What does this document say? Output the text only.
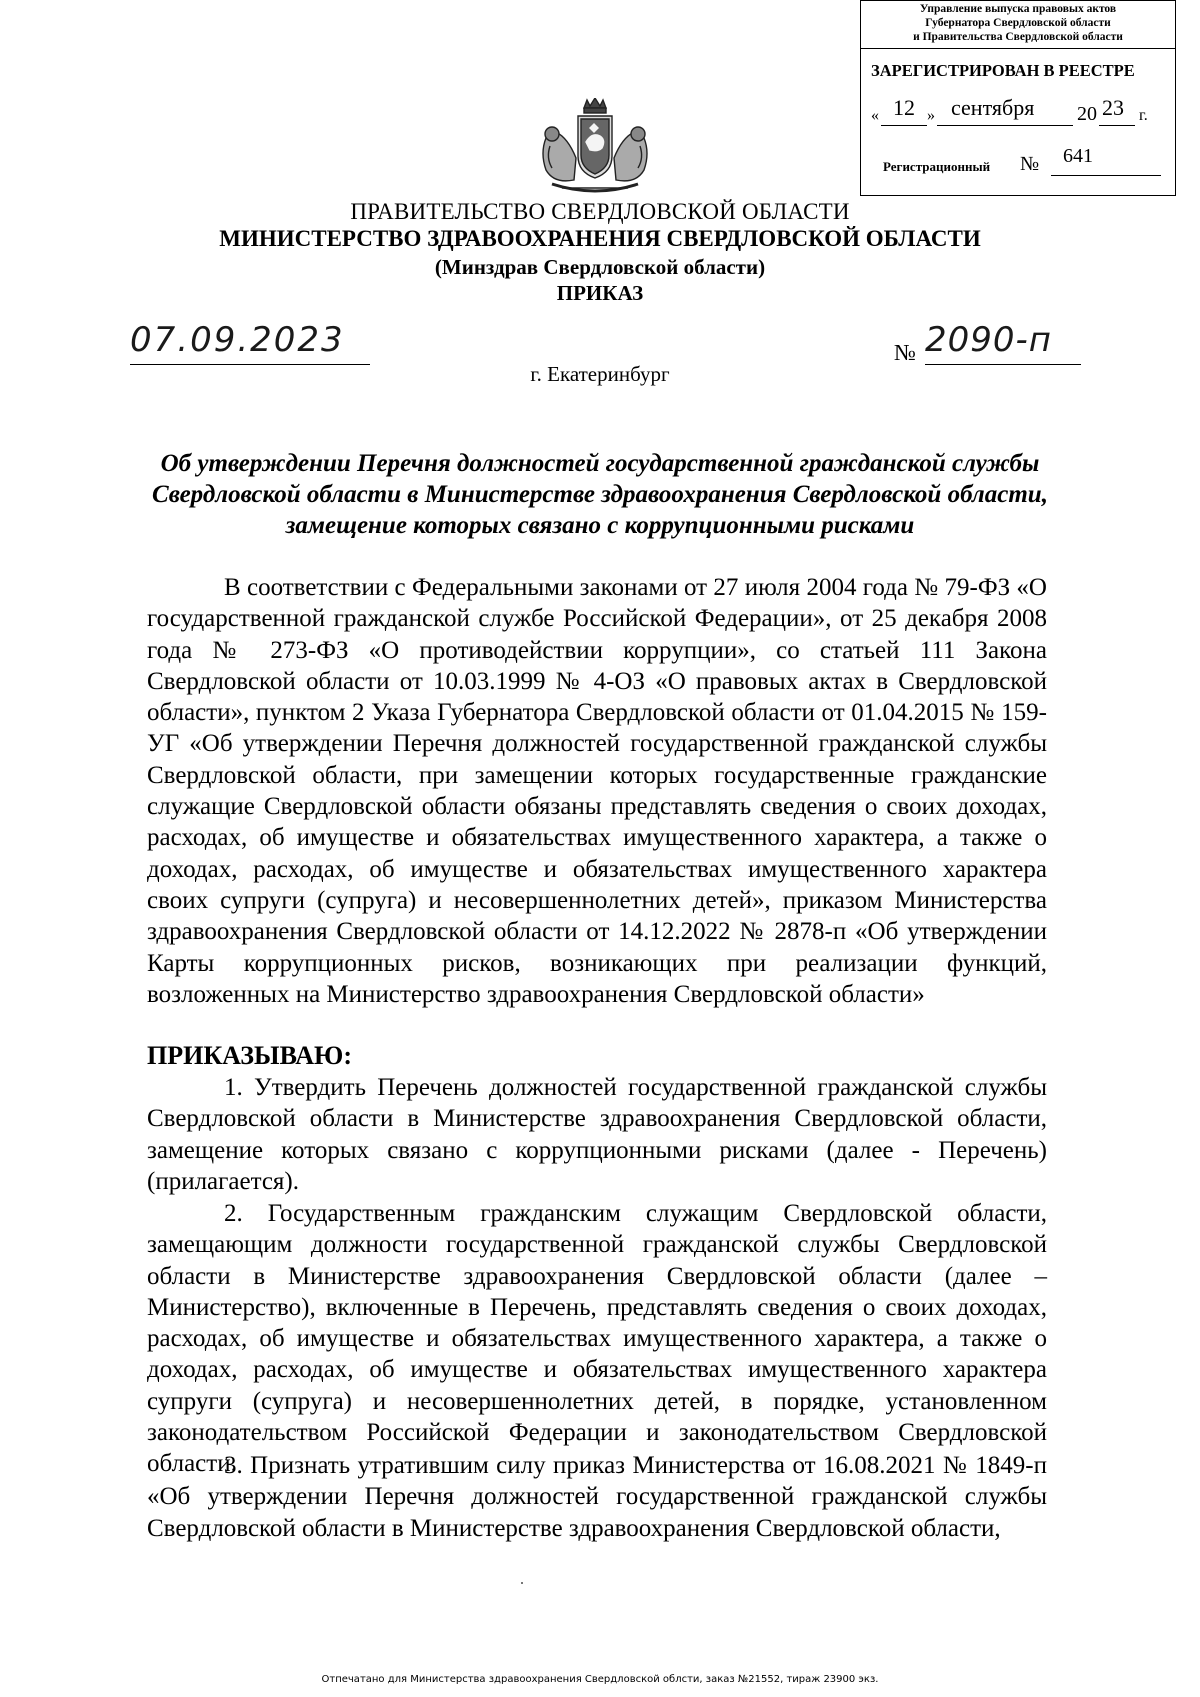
Управление выпуска правовых актов
Губернатора Свердловской области
и Правительства Свердловской области
ЗАРЕГИСТРИРОВАН В РЕЕСТРЕ
« 12 » сентября 20 23 г.
Регистрационный № 641
ПРАВИТЕЛЬСТВО СВЕРДЛОВСКОЙ ОБЛАСТИ
МИНИСТЕРСТВО ЗДРАВООХРАНЕНИЯ СВЕРДЛОВСКОЙ ОБЛАСТИ
(Минздрав Свердловской области)
ПРИКАЗ
07.09.2023	№ 2090-п
г. Екатеринбург
Об утверждении Перечня должностей государственной гражданской службы Свердловской области в Министерстве здравоохранения Свердловской области, замещение которых связано с коррупционными рисками

В соответствии с Федеральными законами от 27 июля 2004 года № 79-ФЗ «О государственной гражданской службе Российской Федерации», от 25 декабря 2008 года № 273-ФЗ «О противодействии коррупции», со статьей 111 Закона Свердловской области от 10.03.1999 № 4-ОЗ «О правовых актах в Свердловской области», пунктом 2 Указа Губернатора Свердловской области от 01.04.2015 № 159-УГ «Об утверждении Перечня должностей государственной гражданской службы Свердловской области, при замещении которых государственные гражданские служащие Свердловской области обязаны представлять сведения о своих доходах, расходах, об имуществе и обязательствах имущественного характера, а также о доходах, расходах, об имуществе и обязательствах имущественного характера своих супруги (супруга) и несовершеннолетних детей», приказом Министерства здравоохранения Свердловской области от 14.12.2022 № 2878-п «Об утверждении Карты коррупционных рисков, возникающих при реализации функций, возложенных на Министерство здравоохранения Свердловской области»

ПРИКАЗЫВАЮ:

1. Утвердить Перечень должностей государственной гражданской службы Свердловской области в Министерстве здравоохранения Свердловской области, замещение которых связано с коррупционными рисками (далее - Перечень) (прилагается).

2. Государственным гражданским служащим Свердловской области, замещающим должности государственной гражданской службы Свердловской области в Министерстве здравоохранения Свердловской области (далее – Министерство), включенные в Перечень, представлять сведения о своих доходах, расходах, об имуществе и обязательствах имущественного характера, а также о доходах, расходах, об имуществе и обязательствах имущественного характера супруги (супруга) и несовершеннолетних детей, в порядке, установленном законодательством Российской Федерации и законодательством Свердловской области.

3. Признать утратившим силу приказ Министерства от 16.08.2021 № 1849-п «Об утверждении Перечня должностей государственной гражданской службы Свердловской области в Министерстве здравоохранения Свердловской области,

Отпечатано для Министерства здравоохранения Свердловской облсти, заказ №21552, тираж 23900 экз.
